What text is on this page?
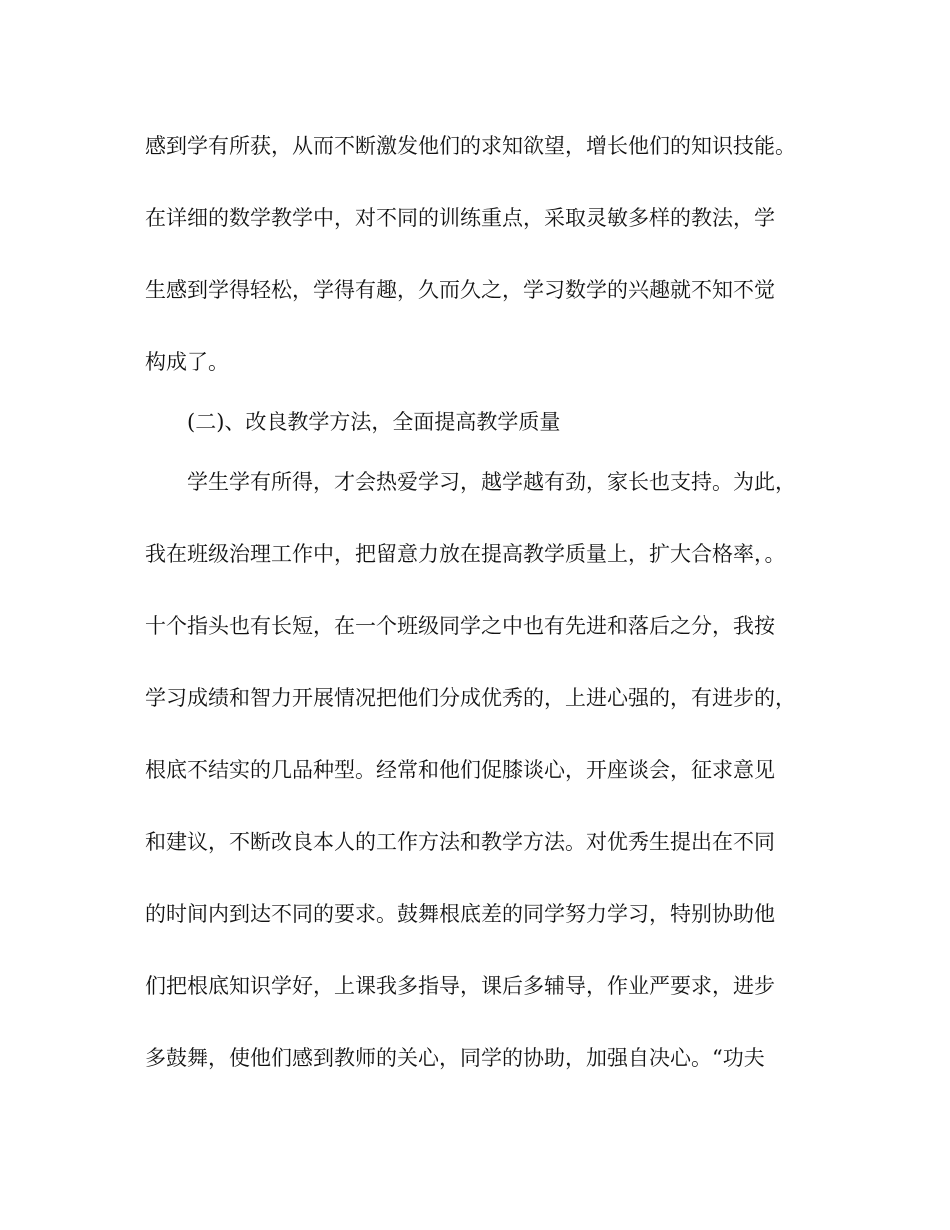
感到学有所获，从而不断激发他们的求知欲望，增长他们的知识技能。

在详细的数学教学中，对不同的训练重点，采取灵敏多样的教法，学

生感到学得轻松，学得有趣，久而久之，学习数学的兴趣就不知不觉

构成了。

(二)、改良教学方法，全面提高教学质量

学生学有所得，才会热爱学习，越学越有劲，家长也支持。为此，

我在班级治理工作中，把留意力放在提高教学质量上，扩大合格率，。

十个指头也有长短，在一个班级同学之中也有先进和落后之分，我按

学习成绩和智力开展情况把他们分成优秀的，上进心强的，有进步的，

根底不结实的几品种型。经常和他们促膝谈心，开座谈会，征求意见

和建议，不断改良本人的工作方法和教学方法。对优秀生提出在不同

的时间内到达不同的要求。鼓舞根底差的同学努力学习，特别协助他

们把根底知识学好，上课我多指导，课后多辅导，作业严要求，进步

多鼓舞，使他们感到教师的关心，同学的协助，加强自决心。“功夫
